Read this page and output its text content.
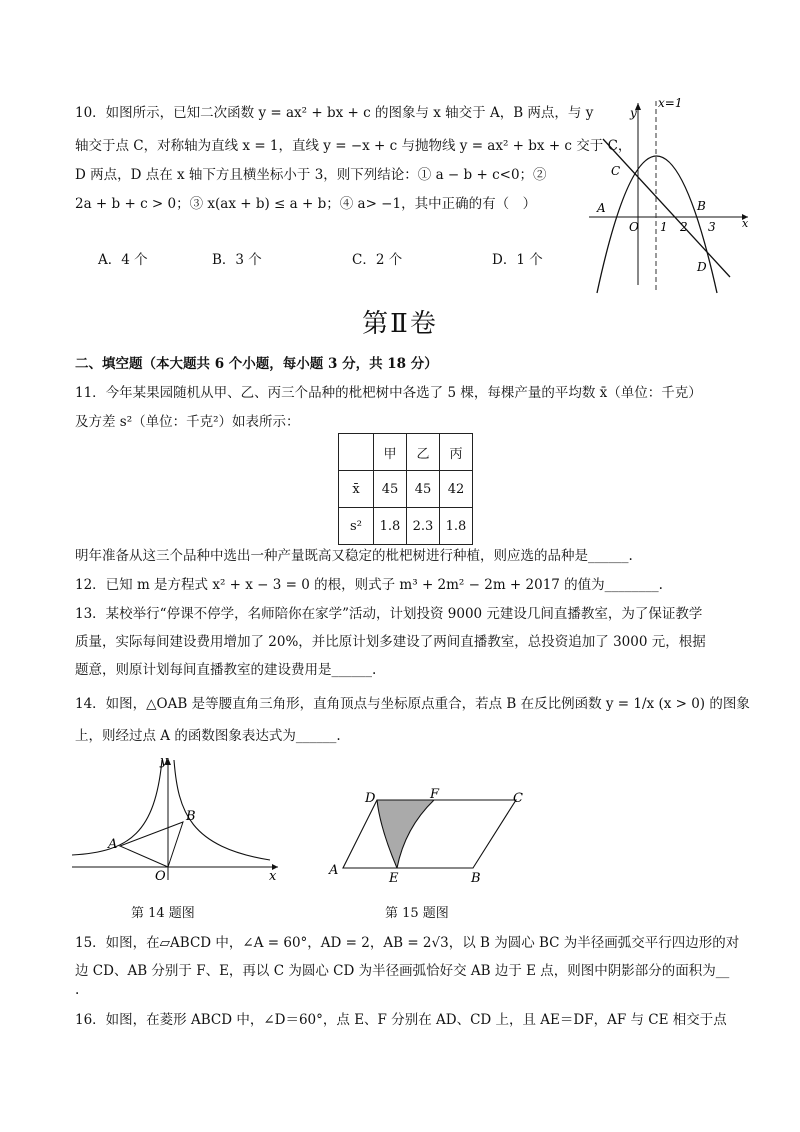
10．如图所示，已知二次函数 y = ax² + bx + c 的图象与 x 轴交于 A，B 两点，与 y
轴交于点 C，对称轴为直线 x = 1，直线 y = −x + c 与抛物线 y = ax² + bx + c 交于 C，
D 两点，D 点在 x 轴下方且横坐标小于 3，则下列结论：① a − b + c<0；②
2a + b + c > 0；③ x(ax + b) ≤ a + b；④ a> −1，其中正确的有（　）
A．4 个	B．3 个	C．2 个	D．1 个
x=1
y
C
A
O 1 2
B
3 x
D
第Ⅱ卷
二、填空题（本大题共 6 个小题，每小题 3 分，共 18 分）
11．今年某果园随机从甲、乙、丙三个品种的枇杷树中各选了 5 棵，每棵产量的平均数 x̄（单位：千克）
及方差 s²（单位：千克²）如表所示：
	甲	乙	丙
x̄	45	45	42
s²	1.8	2.3	1.8
明年准备从这三个品种中选出一种产量既高又稳定的枇杷树进行种植，则应选的品种是______.
12．已知 m 是方程式 x² + x − 3 = 0 的根，则式子 m³ + 2m² − 2m + 2017 的值为________.
13．某校举行“停课不停学，名师陪你在家学”活动，计划投资 9000 元建设几间直播教室，为了保证教学
质量，实际每间建设费用增加了 20%，并比原计划多建设了两间直播教室，总投资追加了 3000 元，根据
题意，则原计划每间直播教室的建设费用是______.
14．如图，△OAB 是等腰直角三角形，直角顶点与坐标原点重合，若点 B 在反比例函数 y = 1/x (x > 0) 的图象
上，则经过点 A 的函数图象表达式为______.
y
B
A
O	x
第 14 题图
D	F	C
A
E	B
第 15 题图
15．如图，在▱ABCD 中，∠A = 60°，AD = 2，AB = 2√3，以 B 为圆心 BC 为半径画弧交平行四边形的对
边 CD、AB 分别于 F、E，再以 C 为圆心 CD 为半径画弧恰好交 AB 边于 E 点，则图中阴影部分的面积为__
.
16．如图，在菱形 ABCD 中，∠D＝60°，点 E、F 分别在 AD、CD 上，且 AE＝DF，AF 与 CE 相交于点
